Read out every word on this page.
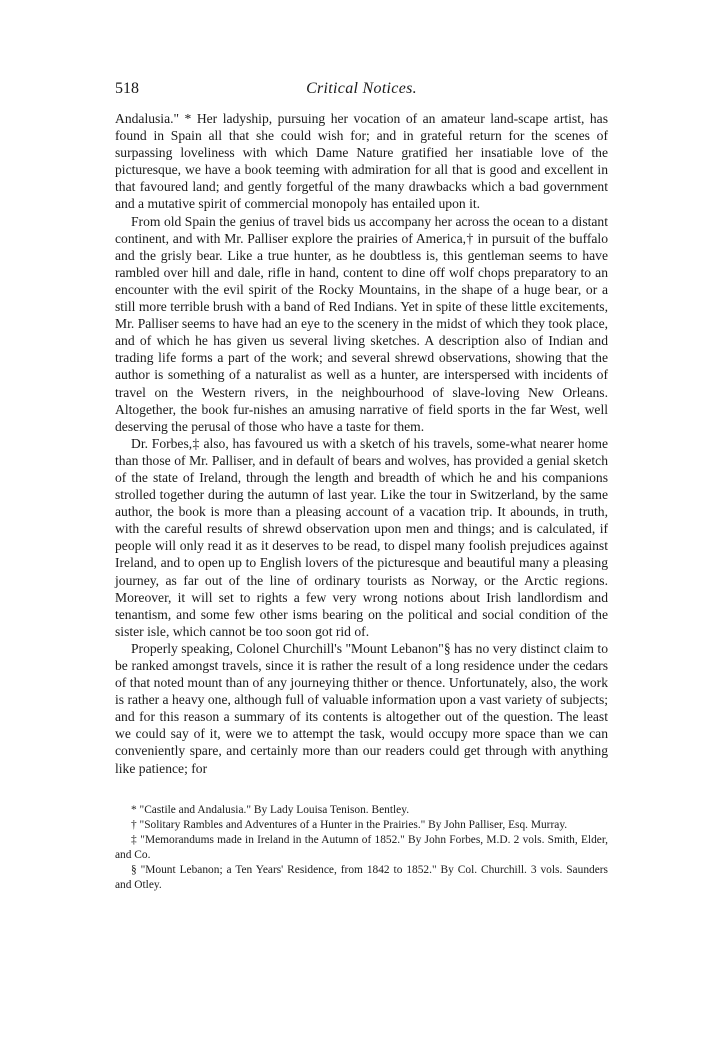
518	Critical Notices.

Andalusia." * Her ladyship, pursuing her vocation of an amateur land-scape artist, has found in Spain all that she could wish for; and in grateful return for the scenes of surpassing loveliness with which Dame Nature gratified her insatiable love of the picturesque, we have a book teeming with admiration for all that is good and excellent in that favoured land; and gently forgetful of the many drawbacks which a bad government and a mutative spirit of commercial monopoly has entailed upon it.

From old Spain the genius of travel bids us accompany her across the ocean to a distant continent, and with Mr. Palliser explore the prairies of America,† in pursuit of the buffalo and the grisly bear. Like a true hunter, as he doubtless is, this gentleman seems to have rambled over hill and dale, rifle in hand, content to dine off wolf chops preparatory to an encounter with the evil spirit of the Rocky Mountains, in the shape of a huge bear, or a still more terrible brush with a band of Red Indians. Yet in spite of these little excitements, Mr. Palliser seems to have had an eye to the scenery in the midst of which they took place, and of which he has given us several living sketches. A description also of Indian and trading life forms a part of the work; and several shrewd observations, showing that the author is something of a naturalist as well as a hunter, are interspersed with incidents of travel on the Western rivers, in the neighbourhood of slave-loving New Orleans. Altogether, the book fur-nishes an amusing narrative of field sports in the far West, well deserving the perusal of those who have a taste for them.

Dr. Forbes,‡ also, has favoured us with a sketch of his travels, some-what nearer home than those of Mr. Palliser, and in default of bears and wolves, has provided a genial sketch of the state of Ireland, through the length and breadth of which he and his companions strolled together during the autumn of last year. Like the tour in Switzerland, by the same author, the book is more than a pleasing account of a vacation trip. It abounds, in truth, with the careful results of shrewd observation upon men and things; and is calculated, if people will only read it as it deserves to be read, to dispel many foolish prejudices against Ireland, and to open up to English lovers of the picturesque and beautiful many a pleasing journey, as far out of the line of ordinary tourists as Norway, or the Arctic regions. Moreover, it will set to rights a few very wrong notions about Irish landlordism and tenantism, and some few other isms bearing on the political and social condition of the sister isle, which cannot be too soon got rid of.

Properly speaking, Colonel Churchill's "Mount Lebanon"§ has no very distinct claim to be ranked amongst travels, since it is rather the result of a long residence under the cedars of that noted mount than of any journeying thither or thence. Unfortunately, also, the work is rather a heavy one, although full of valuable information upon a vast variety of subjects; and for this reason a summary of its contents is altogether out of the question. The least we could say of it, were we to attempt the task, would occupy more space than we can conveniently spare, and certainly more than our readers could get through with anything like patience; for

* "Castile and Andalusia." By Lady Louisa Tenison. Bentley.

† "Solitary Rambles and Adventures of a Hunter in the Prairies." By John Palliser, Esq. Murray.

‡ "Memorandums made in Ireland in the Autumn of 1852." By John Forbes, M.D. 2 vols. Smith, Elder, and Co.

§ "Mount Lebanon; a Ten Years' Residence, from 1842 to 1852." By Col. Churchill. 3 vols. Saunders and Otley.
